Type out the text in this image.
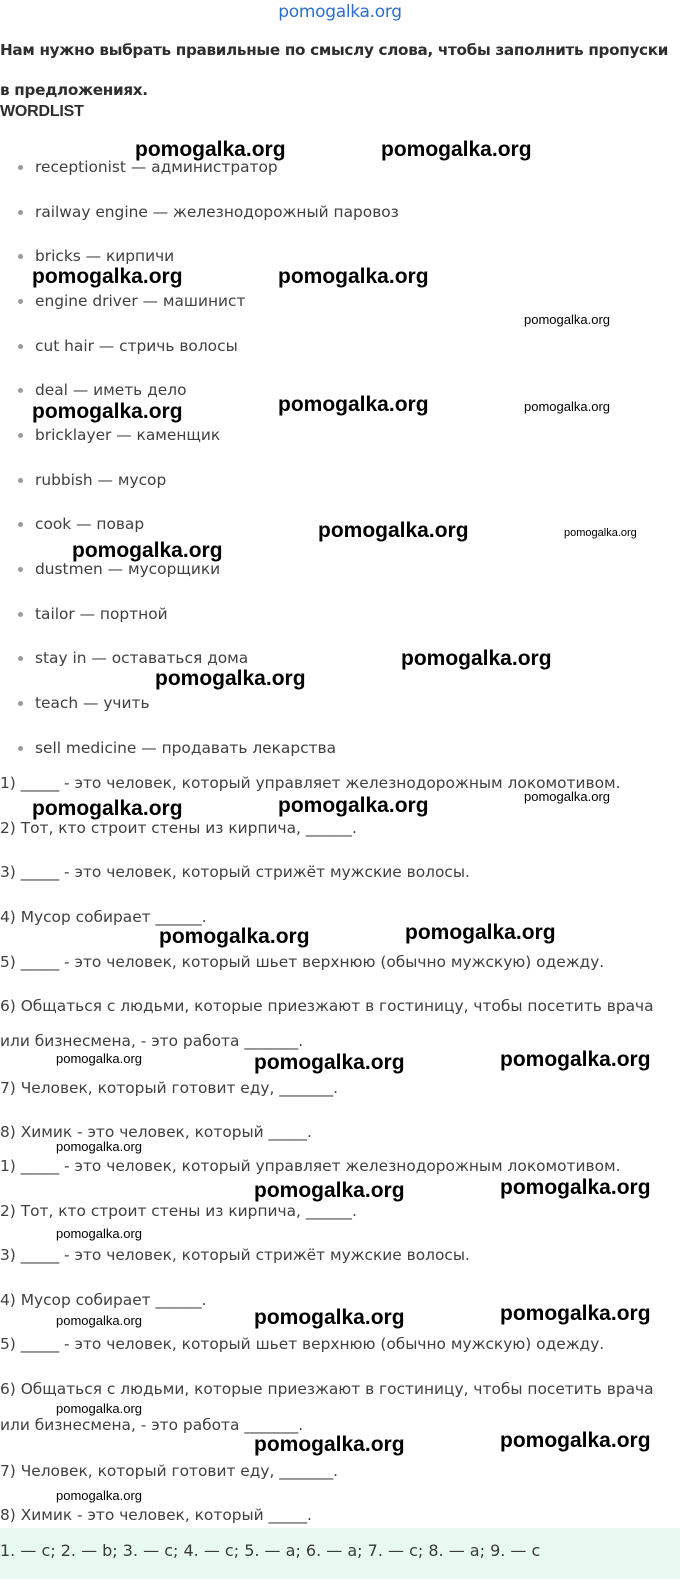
pomogalka.org
Нам нужно выбрать правильные по смыслу слова, чтобы заполнить пропуски в предложениях.
WORDLIST
receptionist — администратор
railway engine — железнодорожный паровоз
bricks — кирпичи
engine driver — машинист
cut hair — стричь волосы
deal — иметь дело
bricklayer — каменщик
rubbish — мусор
cook — повар
dustmen — мусорщики
tailor — портной
stay in — оставаться дома
teach — учить
sell medicine — продавать лекарства
1) _____ - это человек, который управляет железнодорожным локомотивом.
2) Тот, кто строит стены из кирпича, ______.
3) _____ - это человек, который стрижёт мужские волосы.
4) Мусор собирает ______.
5) _____ - это человек, который шьет верхнюю (обычно мужскую) одежду.
6) Общаться с людьми, которые приезжают в гостиницу, чтобы посетить врача
или бизнесмена, - это работа _______.
7) Человек, который готовит еду, _______.
8) Химик - это человек, который _____.
1) _____ - это человек, который управляет железнодорожным локомотивом.
2) Тот, кто строит стены из кирпича, ______.
3) _____ - это человек, который стрижёт мужские волосы.
4) Мусор собирает ______.
5) _____ - это человек, который шьет верхнюю (обычно мужскую) одежду.
6) Общаться с людьми, которые приезжают в гостиницу, чтобы посетить врача
или бизнесмена, - это работа _______.
7) Человек, который готовит еду, _______.
8) Химик - это человек, который _____.
1. — c; 2. — b; 3. — c; 4. — c; 5. — a; 6. — a; 7. — c; 8. — a; 9. — c
pomogalka.org	pomogalka.org
pomogalka.org	pomogalka.org
pomogalka.org
pomogalka.org	pomogalka.org	pomogalka.org
pomogalka.org	pomogalka.org
pomogalka.org
pomogalka.org
pomogalka.org
pomogalka.org	pomogalka.org	pomogalka.org
pomogalka.org	pomogalka.org
pomogalka.org	pomogalka.org	pomogalka.org
pomogalka.org
pomogalka.org	pomogalka.org
pomogalka.org
pomogalka.org	pomogalka.org
pomogalka.org
pomogalka.org
pomogalka.org	pomogalka.org
pomogalka.org
